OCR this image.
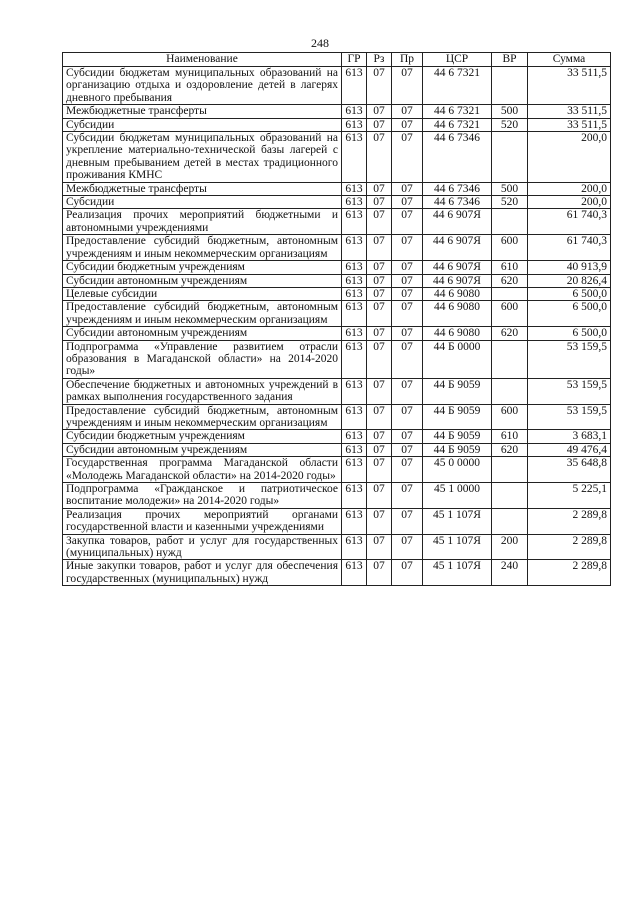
248
Наименование	ГР	Рз	Пр	ЦСР	ВР	Сумма
Субсидии бюджетам муниципальных образований на организацию отдыха и оздоровление детей в лагерях дневного пребывания	613	07	07	44 6 7321		33 511,5
Межбюджетные трансферты	613	07	07	44 6 7321	500	33 511,5
Субсидии	613	07	07	44 6 7321	520	33 511,5
Субсидии бюджетам муниципальных образований на укрепление материально-технической базы лагерей с дневным пребыванием детей в местах традиционного проживания КМНС	613	07	07	44 6 7346		200,0
Межбюджетные трансферты	613	07	07	44 6 7346	500	200,0
Субсидии	613	07	07	44 6 7346	520	200,0
Реализация прочих мероприятий бюджетными и автономными учреждениями	613	07	07	44 6 907Я		61 740,3
Предоставление субсидий бюджетным, автономным учреждениям и иным некоммерческим организациям	613	07	07	44 6 907Я	600	61 740,3
Субсидии бюджетным учреждениям	613	07	07	44 6 907Я	610	40 913,9
Субсидии автономным учреждениям	613	07	07	44 6 907Я	620	20 826,4
Целевые субсидии	613	07	07	44 6 9080		6 500,0
Предоставление субсидий бюджетным, автономным учреждениям и иным некоммерческим организациям	613	07	07	44 6 9080	600	6 500,0
Субсидии автономным учреждениям	613	07	07	44 6 9080	620	6 500,0
Подпрограмма «Управление развитием отрасли образования в Магаданской области» на 2014-2020 годы»	613	07	07	44 Б 0000		53 159,5
Обеспечение бюджетных и автономных учреждений в рамках выполнения государственного задания	613	07	07	44 Б 9059		53 159,5
Предоставление субсидий бюджетным, автономным учреждениям и иным некоммерческим организациям	613	07	07	44 Б 9059	600	53 159,5
Субсидии бюджетным учреждениям	613	07	07	44 Б 9059	610	3 683,1
Субсидии автономным учреждениям	613	07	07	44 Б 9059	620	49 476,4
Государственная программа Магаданской области «Молодежь Магаданской области» на 2014-2020 годы»	613	07	07	45 0 0000		35 648,8
Подпрограмма «Гражданское и патриотическое воспитание молодежи» на 2014-2020 годы»	613	07	07	45 1 0000		5 225,1
Реализация прочих мероприятий органами государственной власти и казенными учреждениями	613	07	07	45 1 107Я		2 289,8
Закупка товаров, работ и услуг для государственных (муниципальных) нужд	613	07	07	45 1 107Я	200	2 289,8
Иные закупки товаров, работ и услуг для обеспечения государственных (муниципальных) нужд	613	07	07	45 1 107Я	240	2 289,8
